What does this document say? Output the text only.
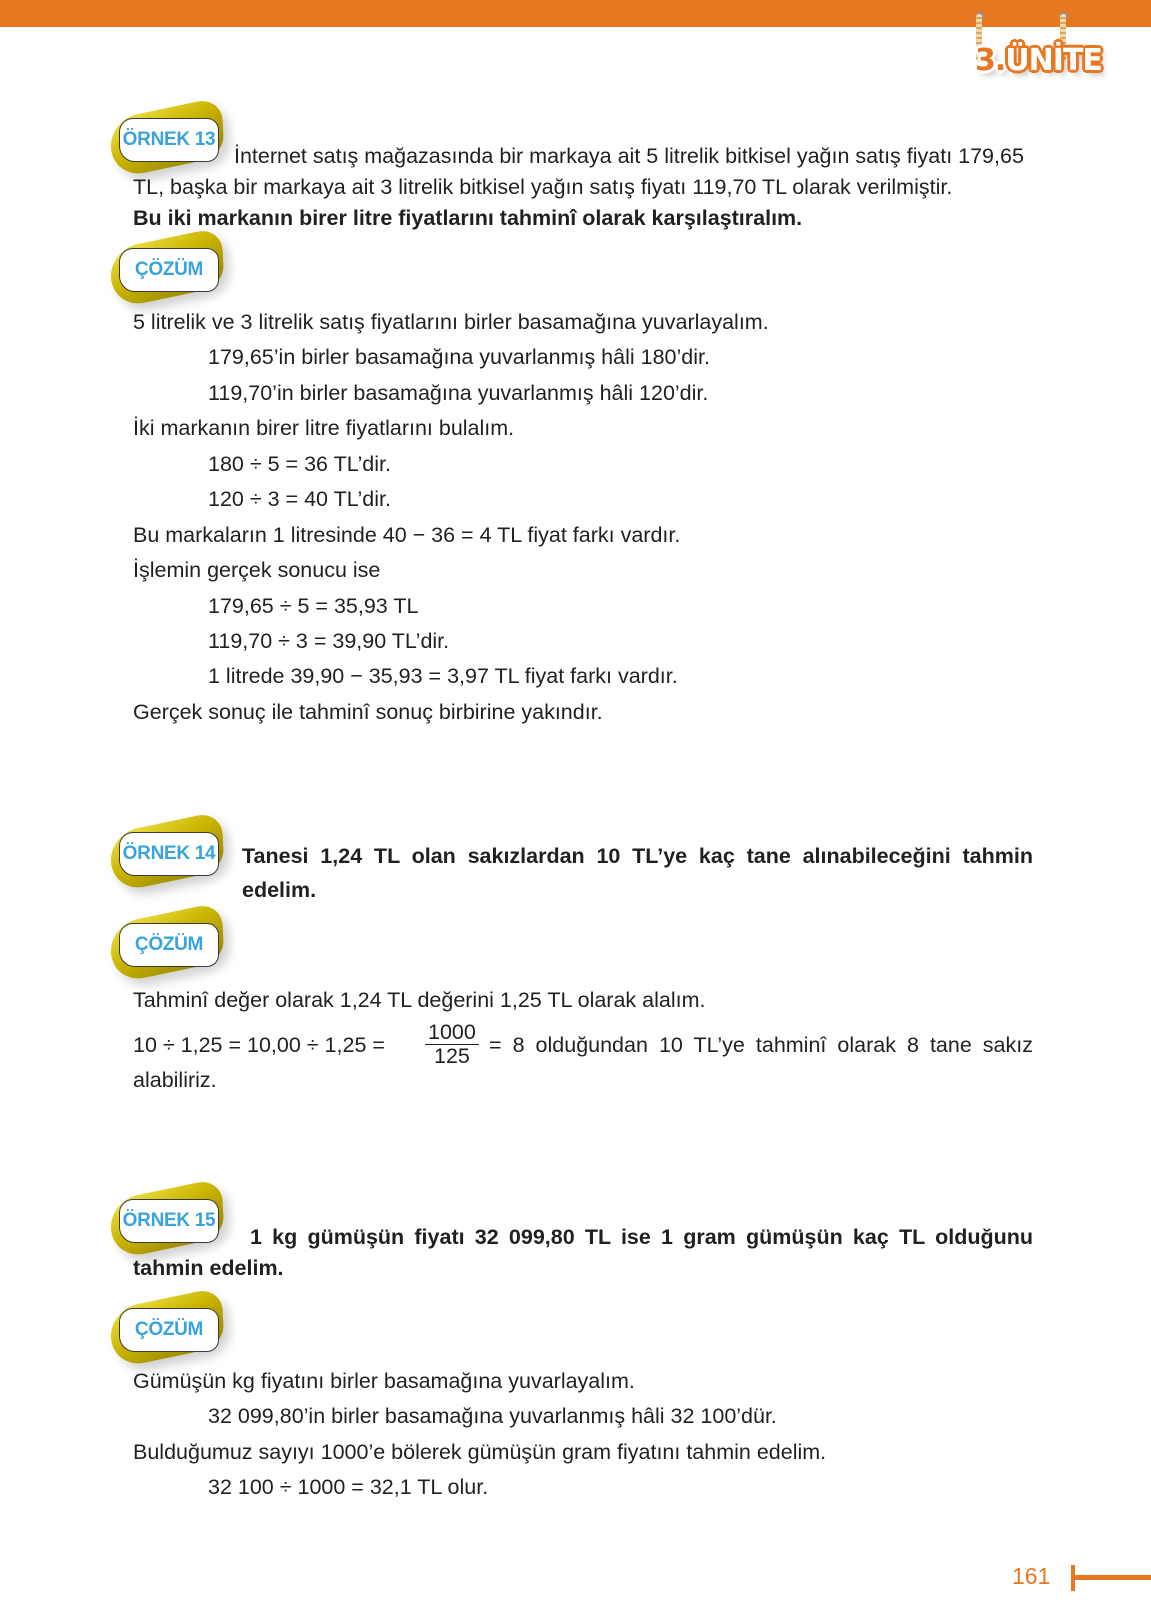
3.ÜNİTE
ÖRNEK 13
İnternet satış mağazasında bir markaya ait 5 litrelik bitkisel yağın satış fiyatı 179,65
TL, başka bir markaya ait 3 litrelik bitkisel yağın satış fiyatı 119,70 TL olarak verilmiştir.
Bu iki markanın birer litre fiyatlarını tahminî olarak karşılaştıralım.
ÇÖZÜM
5 litrelik ve 3 litrelik satış fiyatlarını birler basamağına yuvarlayalım.
179,65’in birler basamağına yuvarlanmış hâli 180’dir.
119,70’in birler basamağına yuvarlanmış hâli 120’dir.
İki markanın birer litre fiyatlarını bulalım.
180 ÷ 5 = 36 TL’dir.
120 ÷ 3 = 40 TL’dir.
Bu markaların 1 litresinde 40 − 36 = 4 TL fiyat farkı vardır.
İşlemin gerçek sonucu ise
179,65 ÷ 5 = 35,93 TL
119,70 ÷ 3 = 39,90 TL’dir.
1 litrede 39,90 − 35,93 = 3,97 TL fiyat farkı vardır.
Gerçek sonuç ile tahminî sonuç birbirine yakındır.
ÖRNEK 14 Tanesi 1,24 TL olan sakızlardan 10 TL’ye kaç tane alınabileceğini tahmin
edelim.
ÇÖZÜM
Tahminî değer olarak 1,24 TL değerini 1,25 TL olarak alalım.
$10 \div 1,25 = 10,00 \div 1,25 = \frac{1000}{125} = 8$ olduğundan 10 TL’ye tahminî olarak 8 tane sakız
alabiliriz.
ÖRNEK 15
1 kg gümüşün fiyatı 32 099,80 TL ise 1 gram gümüşün kaç TL olduğunu
tahmin edelim.
ÇÖZÜM
Gümüşün kg fiyatını birler basamağına yuvarlayalım.
32 099,80’in birler basamağına yuvarlanmış hâli 32 100’dür.
Bulduğumuz sayıyı 1000’e bölerek gümüşün gram fiyatını tahmin edelim.
32 100 ÷ 1000 = 32,1 TL olur.
161
